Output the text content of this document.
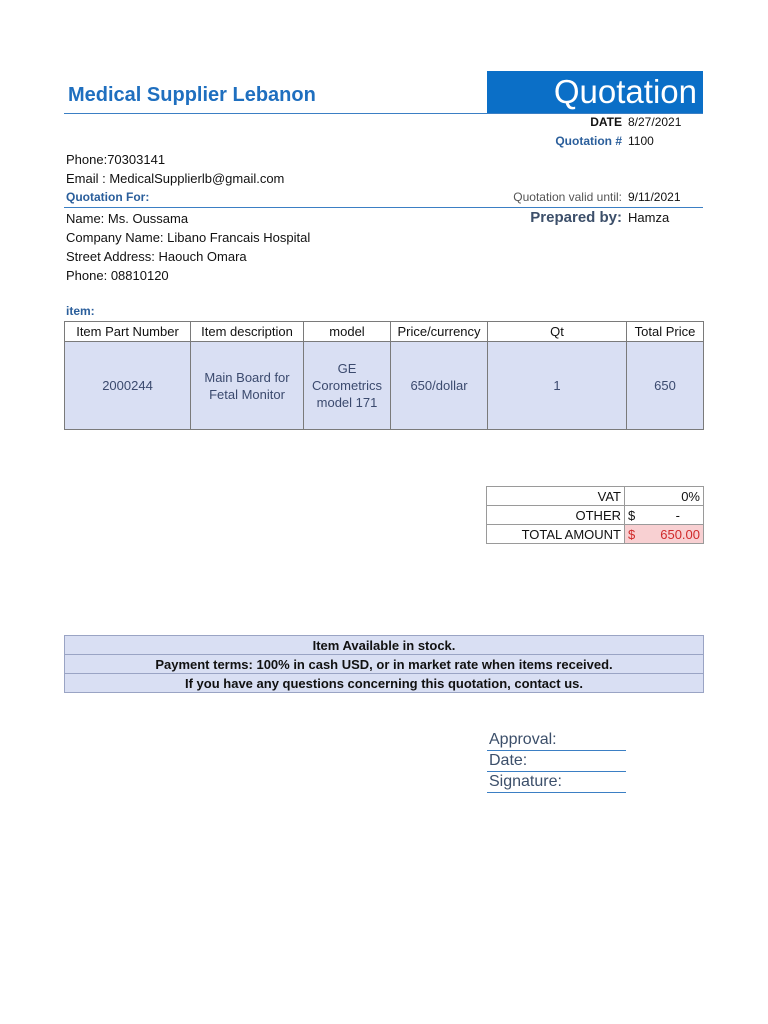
Medical Supplier Lebanon	Quotation
DATE 8/27/2021
Quotation # 1100
Phone:70303141
Email : MedicalSupplierlb@gmail.com
Quotation For:	Quotation valid until: 9/11/2021
Name: Ms. Oussama
Company Name: Libano Francais Hospital
Street Address: Haouch Omara
Phone: 08810120
Prepared by: Hamza
item:
Item Part Number	Item description	model	Price/currency	Qt	Total Price
2000244	Main Board for Fetal Monitor	GE Corometrics model 171	650/dollar	1	650
VAT	0%
OTHER	$ -

TOTAL AMOUNT	$ 650.00
Item Available in stock.
Payment terms: 100% in cash USD, or in market rate when items received.
If you have any questions concerning this quotation, contact us.
Approval:
Date:
Signature:
